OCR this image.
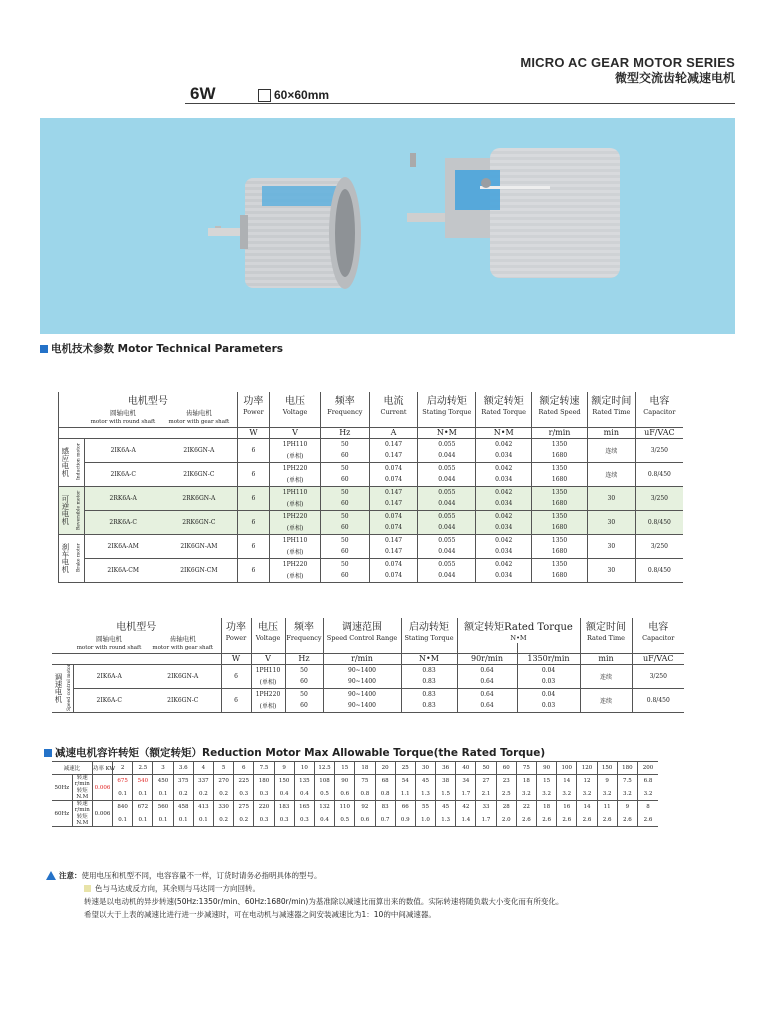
MICRO AC GEAR MOTOR SERIES
微型交流齿轮减速电机
6W	60×60mm
电机技术参数 Motor Technical Parameters
电机型号				功率	电压	频率	电流	启动转矩	额定转矩	额定转速	额定时间	电容
		圆轴电机	齿轴电机	Power	Voltage	Frequency	Current	Stating Torque	Rated Torque	Rated Speed	Rated Time	Capacitor
		motor with round shaft	motor with gear shaft									
				W	V	Hz	A	N•M	N•M	r/min	min	uF/VAC
感应电机	Induction motor	2IK6A-A	2IK6GN-A	6	1PH110	50	0.147	0.055	0.042	1350	连续	3/250
					(单相)	60	0.147	0.044	0.034	1680		
		2IK6A-C	2IK6GN-C	6	1PH220	50	0.074	0.055	0.042	1350	连续	0.8/450
					(单相)	60	0.074	0.044	0.034	1680		
可逆电机	Reversible motor	2RK6A-A	2RK6GN-A	6	1PH110	50	0.147	0.055	0.042	1350	30	3/250
					(单相)	60	0.147	0.044	0.034	1680		
		2RK6A-C	2RK6GN-C	6	1PH220	50	0.074	0.055	0.042	1350	30	0.8/450
					(单相)	60	0.074	0.044	0.034	1680		
刹车电机	Brake motor	2IK6A-AM	2IK6GN-AM	6	1PH110	50	0.147	0.055	0.042	1350	30	3/250
					(单相)	60	0.147	0.044	0.034	1680		
		2IK6A-CM	2IK6GN-CM	6	1PH220	50	0.074	0.055	0.042	1350	30	0.8/450
					(单相)	60	0.074	0.044	0.034	1680		
电机型号				功率	电压	频率	调速范围	启动转矩	额定转矩Rated Torque		额定时间	电容
		圆轴电机	齿轴电机	Power	Voltage	Frequency	Speed Control Range	Stating Torque	N•M		Rated Time	Capacitor
		motor with round shaft	motor with gear shaft									
				W	V	Hz	r/min	N•M	90r/min	1350r/min	min	uF/VAC
调速电机	Speed control motor	2IK6A-A	2IK6GN-A	6	1PH110	50	90~1400	0.83	0.64	0.04	连续	3/250
					(单相)	60	90~1400	0.83	0.64	0.03		
		2IK6A-C	2IK6GN-C	6	1PH220	50	90~1400	0.83	0.64	0.04	连续	0.8/450
					(单相)	60	90~1400	0.83	0.64	0.03		
减速电机容许转矩（额定转矩）Reduction Motor Max Allowable Torque(the Rated Torque)
减速比		功率 KW	2	2.5	3	3.6	4	5	6	7.5	9	10	12.5	15	18	20	25	30	36	40	50	60	75	90	100	120	150	180	200
50Hz	转速 r/min	0.006	675	540	450	375	337	270	225	180	150	135	108	90	75	68	54	45	38	34	27	23	18	15	14	12	9	7.5	6.8
	转矩 N.M		0.1	0.1	0.1	0.2	0.2	0.2	0.3	0.3	0.4	0.4	0.5	0.6	0.8	0.8	1.1	1.3	1.5	1.7	2.1	2.5	3.2	3.2	3.2	3.2	3.2	3.2	3.2
60Hz	转速 r/min	0.006	840	672	560	458	413	330	275	220	183	165	132	110	92	83	66	55	45	42	33	28	22	18	16	14	11	9	8
	转矩 N.M		0.1	0.1	0.1	0.1	0.1	0.2	0.2	0.3	0.3	0.3	0.4	0.5	0.6	0.7	0.9	1.0	1.3	1.4	1.7	2.0	2.6	2.6	2.6	2.6	2.6	2.6	2.6
注意： 使用电压和机型不同，电容容量不一样，订货时请务必指明具体的型号。
色与马达成反方向，其余则与马达同一方向回转。
转速是以电动机的异步转速(50Hz:1350r/min、60Hz:1680r/min)为基准除以减速比而算出来的数值。实际转速将随负载大小变化而有所变化。
希望以大于上表的减速比进行进一步减速时，可在电动机与减速器之间安装减速比为1：10的中间减速器。
